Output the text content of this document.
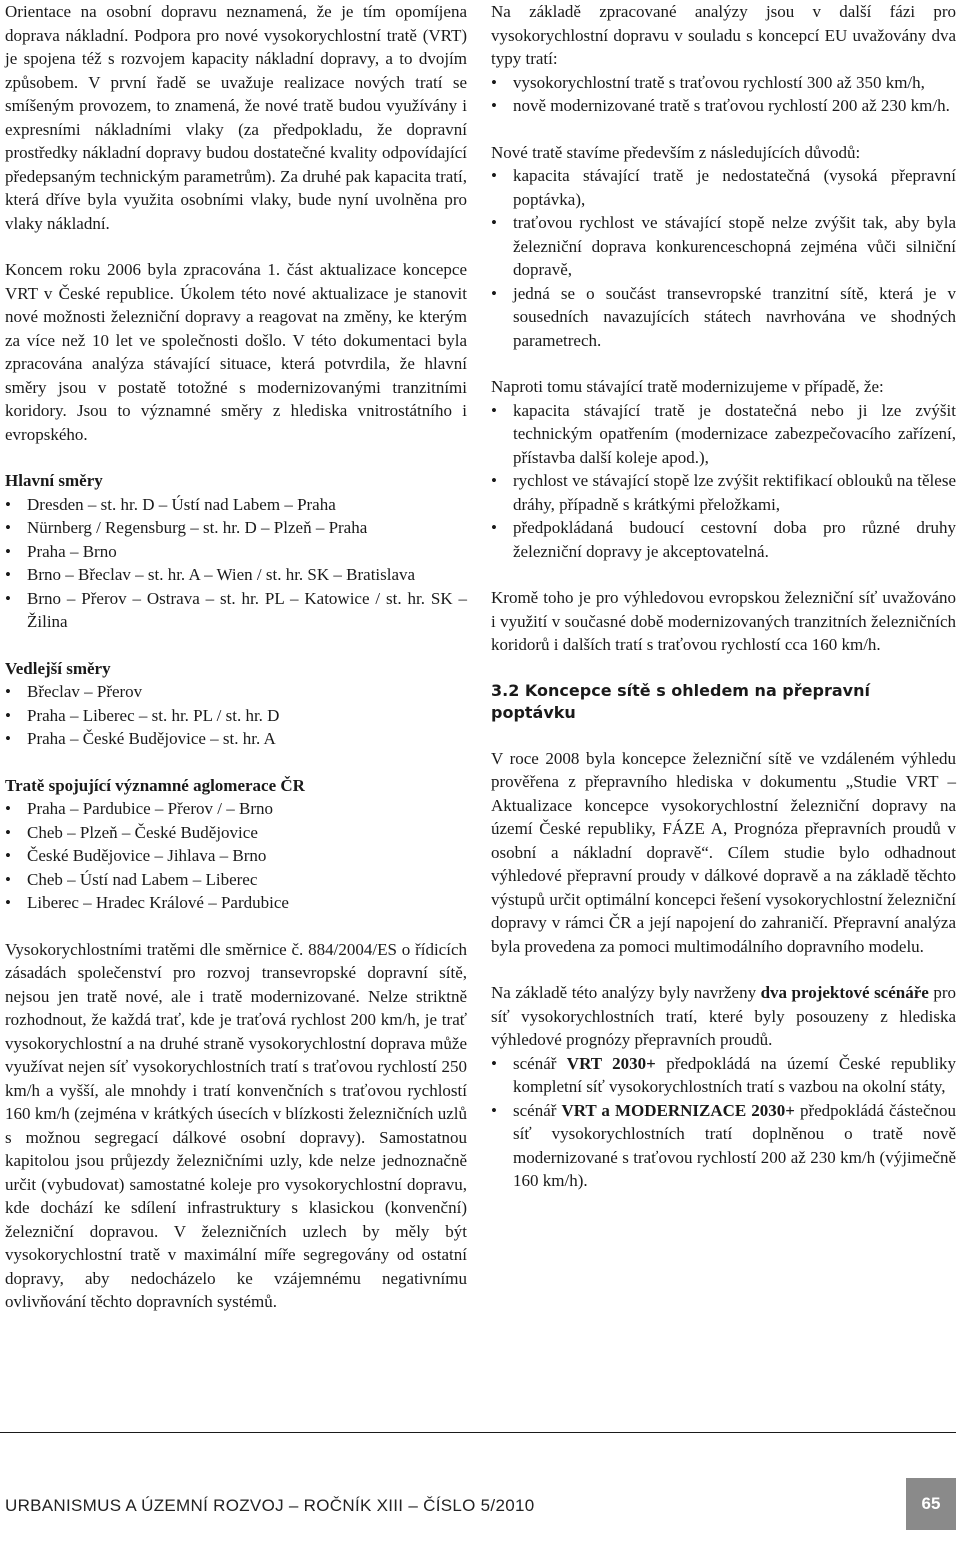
Orientace na osobní dopravu neznamená, že je tím opomíjena doprava nákladní. Podpora pro nové vysokorychlostní tratě (VRT) je spojena též s rozvojem kapacity nákladní dopravy, a to dvojím způsobem. V první řadě se uvažuje realizace nových tratí se smíšeným provozem, to znamená, že nové tratě budou využívány i expresními nákladními vlaky (za předpokladu, že dopravní prostředky nákladní dopravy budou dostatečné kvality odpovídající předepsaným technickým parametrům). Za druhé pak kapacita tratí, která dříve byla využita osobními vlaky, bude nyní uvolněna pro vlaky nákladní.

Koncem roku 2006 byla zpracována 1. část aktualizace koncepce VRT v České republice. Úkolem této nové aktualizace je stanovit nové možnosti železniční dopravy a reagovat na změny, ke kterým za více než 10 let ve společnosti došlo. V této dokumentaci byla zpracována analýza stávající situace, která potvrdila, že hlavní směry jsou v postatě totožné s modernizovanými tranzitními koridory. Jsou to významné směry z hlediska vnitrostátního i evropského.

Hlavní směry
• Dresden – st. hr. D – Ústí nad Labem – Praha
• Nürnberg / Regensburg – st. hr. D – Plzeň – Praha
• Praha – Brno
• Brno – Břeclav – st. hr. A – Wien / st. hr. SK – Bratislava
• Brno – Přerov – Ostrava – st. hr. PL – Katowice / st. hr. SK – Žilina
Vedlejší směry
• Břeclav – Přerov
• Praha – Liberec – st. hr. PL / st. hr. D
• Praha – České Budějovice – st. hr. A
Tratě spojující významné aglomerace ČR
• Praha – Pardubice – Přerov / – Brno
• Cheb – Plzeň – České Budějovice
• České Budějovice – Jihlava – Brno
• Cheb – Ústí nad Labem – Liberec
• Liberec – Hradec Králové – Pardubice

Vysokorychlostními tratěmi dle směrnice č. 884/2004/ES o řídicích zásadách společenství pro rozvoj transevropské dopravní sítě, nejsou jen tratě nové, ale i tratě modernizované. Nelze striktně rozhodnout, že každá trať, kde je traťová rychlost 200 km/h, je trať vysokorychlostní a na druhé straně vysokorychlostní doprava může využívat nejen síť vysokorychlostních tratí s traťovou rychlostí 250 km/h a vyšší, ale mnohdy i tratí konvenčních s traťovou rychlostí 160 km/h (zejména v krátkých úsecích v blízkosti železničních uzlů s možnou segregací dálkové osobní dopravy). Samostatnou kapitolou jsou průjezdy železničními uzly, kde nelze jednoznačně určit (vybudovat) samostatné koleje pro vysokorychlostní dopravu, kde dochází ke sdílení infrastruktury s klasickou (konvenční) železniční dopravou. V železničních uzlech by měly být vysokorychlostní tratě v maximální míře segregovány od ostatní dopravy, aby nedocházelo ke vzájemnému negativnímu ovlivňování těchto dopravních systémů.

Na základě zpracované analýzy jsou v další fázi pro vysokorychlostní dopravu v souladu s koncepcí EU uvažovány dva typy tratí:

• vysokorychlostní tratě s traťovou rychlostí 300 až 350 km/h,
• nově modernizované tratě s traťovou rychlostí 200 až 230 km/h.

Nové tratě stavíme především z následujících důvodů:

• kapacita stávající tratě je nedostatečná (vysoká přepravní poptávka),
• traťovou rychlost ve stávající stopě nelze zvýšit tak, aby byla železniční doprava konkurenceschopná zejména vůči silniční dopravě,
• jedná se o součást transevropské tranzitní sítě, která je v sousedních navazujících státech navrhována ve shodných parametrech.

Naproti tomu stávající tratě modernizujeme v případě, že:

• kapacita stávající tratě je dostatečná nebo ji lze zvýšit technickým opatřením (modernizace zabezpečovacího zařízení, přístavba další koleje apod.),
• rychlost ve stávající stopě lze zvýšit rektifikací oblouků na tělese dráhy, případně s krátkými přeložkami,
• předpokládaná budoucí cestovní doba pro různé druhy železniční dopravy je akceptovatelná.

Kromě toho je pro výhledovou evropskou železniční síť uvažováno i využití v současné době modernizovaných tranzitních železničních koridorů i dalších tratí s traťovou rychlostí cca 160 km/h.

3.2 Koncepce sítě s ohledem na přepravní poptávku

V roce 2008 byla koncepce železniční sítě ve vzdáleném výhledu prověřena z přepravního hlediska v dokumentu „Studie VRT – Aktualizace koncepce vysokorychlostní železniční dopravy na území České republiky, FÁZE A, Prognóza přepravních proudů v osobní a nákladní dopravě“. Cílem studie bylo odhadnout výhledové přepravní proudy v dálkové dopravě a na základě těchto výstupů určit optimální koncepci řešení vysokorychlostní železniční dopravy v rámci ČR a její napojení do zahraničí. Přepravní analýza byla provedena za pomoci multimodálního dopravního modelu.

Na základě této analýzy byly navrženy dva projektové scénáře pro síť vysokorychlostních tratí, které byly posouzeny z hlediska výhledové prognózy přepravních proudů.

• scénář VRT 2030+ předpokládá na území České republiky kompletní síť vysokorychlostních tratí s vazbou na okolní státy,
• scénář VRT a MODERNIZACE 2030+ předpokládá částečnou síť vysokorychlostních tratí doplněnou o tratě nově modernizované s traťovou rychlostí 200 až 230 km/h (výjimečně 160 km/h).
URBANISMUS A ÚZEMNÍ ROZVOJ – ROČNÍK XIII – ČÍSLO 5/2010	65
